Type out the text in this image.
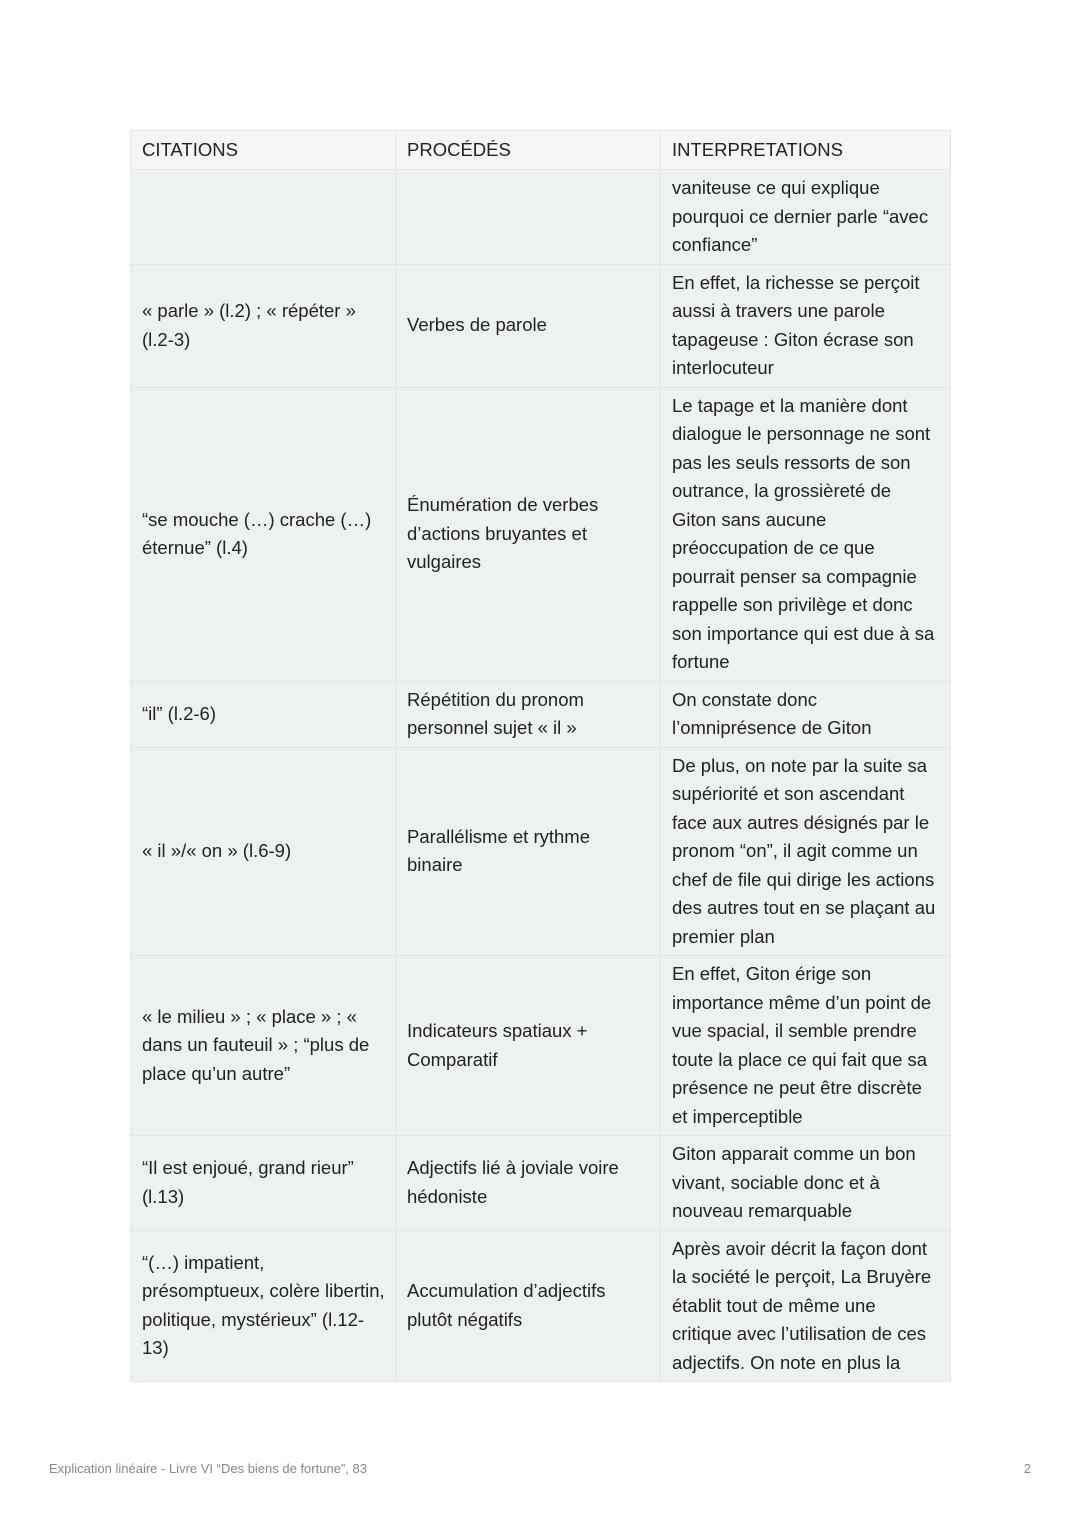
CITATIONS	PROCÉDÉS	INTERPRETATIONS
		vaniteuse ce qui explique pourquoi ce dernier parle “avec confiance”
« parle » (l.2) ; « répéter » (l.2-3)	Verbes de parole	En effet, la richesse se perçoit aussi à travers une parole tapageuse : Giton écrase son interlocuteur
“se mouche (…) crache (…) éternue” (l.4)	Énumération de verbes d’actions bruyantes et vulgaires	Le tapage et la manière dont dialogue le personnage ne sont pas les seuls ressorts de son outrance, la grossièreté de Giton sans aucune préoccupation de ce que pourrait penser sa compagnie rappelle son privilège et donc son importance qui est due à sa fortune
“il” (l.2-6)	Répétition du pronom personnel sujet « il »	On constate donc l’omniprésence de Giton
« il »/« on » (l.6-9)	Parallélisme et rythme binaire	De plus, on note par la suite sa supériorité et son ascendant face aux autres désignés par le pronom “on”, il agit comme un chef de file qui dirige les actions des autres tout en se plaçant au premier plan
« le milieu » ; « place » ; « dans un fauteuil » ; “plus de place qu’un autre”	Indicateurs spatiaux + Comparatif	En effet, Giton érige son importance même d’un point de vue spacial, il semble prendre toute la place ce qui fait que sa présence ne peut être discrète et imperceptible
“Il est enjoué, grand rieur” (l.13)	Adjectifs lié à joviale voire hédoniste	Giton apparait comme un bon vivant, sociable donc et à nouveau remarquable
“(…) impatient, présomptueux, colère libertin, politique, mystérieux” (l.12-13)	Accumulation d’adjectifs plutôt négatifs	Après avoir décrit la façon dont la société le perçoit, La Bruyère établit tout de même une critique avec l’utilisation de ces adjectifs. On note en plus la
Explication linéaire - Livre VI “Des biens de fortune”, 83	2
